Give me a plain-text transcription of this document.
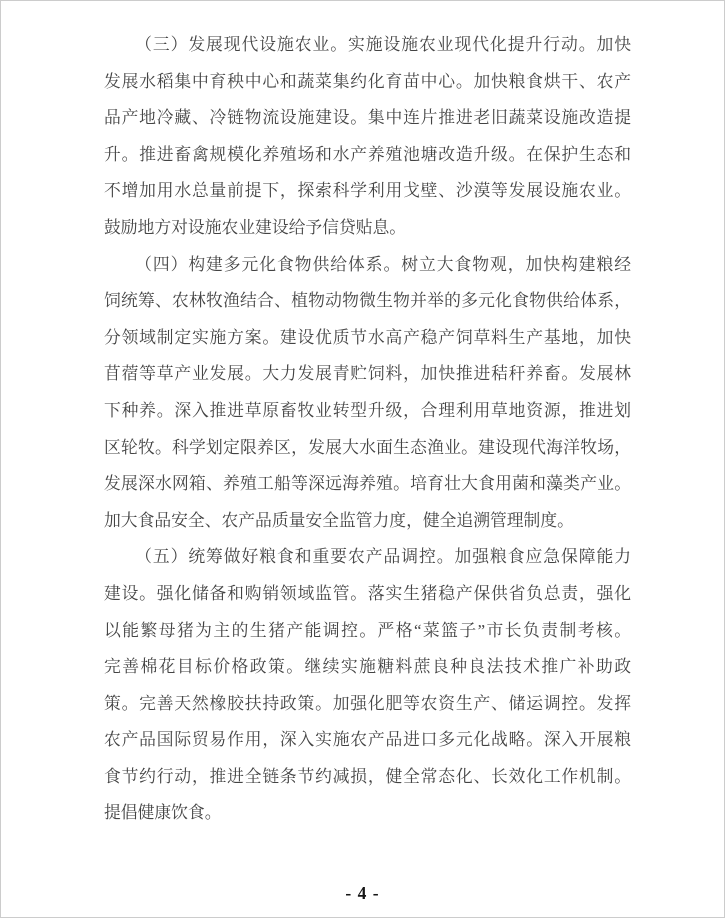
（三）发展现代设施农业。实施设施农业现代化提升行动。加快
发展水稻集中育秧中心和蔬菜集约化育苗中心。加快粮食烘干、农产
品产地冷藏、冷链物流设施建设。集中连片推进老旧蔬菜设施改造提
升。推进畜禽规模化养殖场和水产养殖池塘改造升级。在保护生态和
不增加用水总量前提下，探索科学利用戈壁、沙漠等发展设施农业。
鼓励地方对设施农业建设给予信贷贴息。
（四）构建多元化食物供给体系。树立大食物观，加快构建粮经
饲统筹、农林牧渔结合、植物动物微生物并举的多元化食物供给体系，
分领域制定实施方案。建设优质节水高产稳产饲草料生产基地，加快
苜蓿等草产业发展。大力发展青贮饲料，加快推进秸秆养畜。发展林
下种养。深入推进草原畜牧业转型升级，合理利用草地资源，推进划
区轮牧。科学划定限养区，发展大水面生态渔业。建设现代海洋牧场，
发展深水网箱、养殖工船等深远海养殖。培育壮大食用菌和藻类产业。
加大食品安全、农产品质量安全监管力度，健全追溯管理制度。
（五）统筹做好粮食和重要农产品调控。加强粮食应急保障能力
建设。强化储备和购销领域监管。落实生猪稳产保供省负总责，强化
以能繁母猪为主的生猪产能调控。严格“菜篮子”市长负责制考核。
完善棉花目标价格政策。继续实施糖料蔗良种良法技术推广补助政
策。完善天然橡胶扶持政策。加强化肥等农资生产、储运调控。发挥
农产品国际贸易作用，深入实施农产品进口多元化战略。深入开展粮
食节约行动，推进全链条节约减损，健全常态化、长效化工作机制。
提倡健康饮食。
- 4 -
